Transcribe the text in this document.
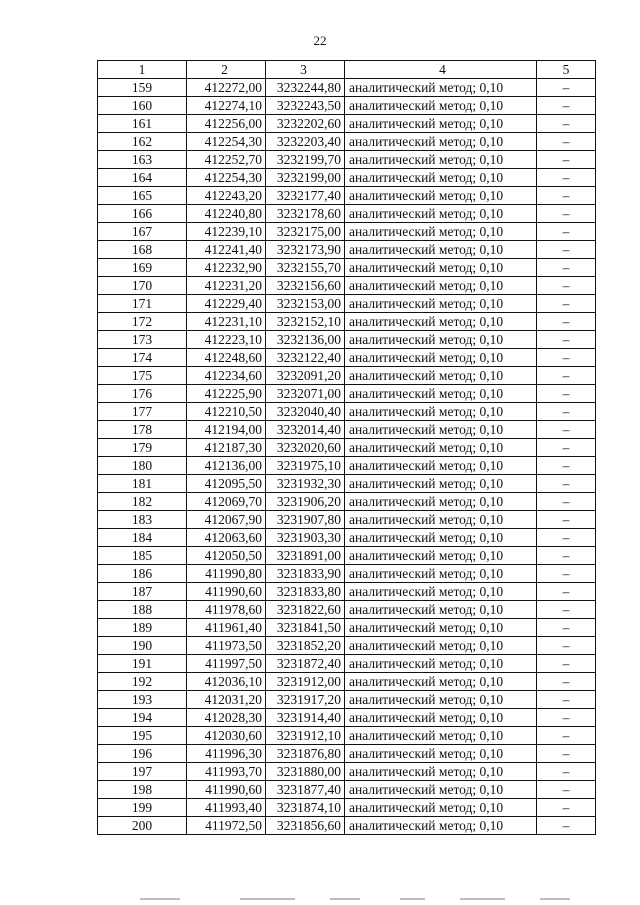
22
1	2	3	4	5
159	412272,00	3232244,80	аналитический метод; 0,10	–
160	412274,10	3232243,50	аналитический метод; 0,10	–
161	412256,00	3232202,60	аналитический метод; 0,10	–
162	412254,30	3232203,40	аналитический метод; 0,10	–
163	412252,70	3232199,70	аналитический метод; 0,10	–
164	412254,30	3232199,00	аналитический метод; 0,10	–
165	412243,20	3232177,40	аналитический метод; 0,10	–
166	412240,80	3232178,60	аналитический метод; 0,10	–
167	412239,10	3232175,00	аналитический метод; 0,10	–
168	412241,40	3232173,90	аналитический метод; 0,10	–
169	412232,90	3232155,70	аналитический метод; 0,10	–
170	412231,20	3232156,60	аналитический метод; 0,10	–
171	412229,40	3232153,00	аналитический метод; 0,10	–
172	412231,10	3232152,10	аналитический метод; 0,10	–
173	412223,10	3232136,00	аналитический метод; 0,10	–
174	412248,60	3232122,40	аналитический метод; 0,10	–
175	412234,60	3232091,20	аналитический метод; 0,10	–
176	412225,90	3232071,00	аналитический метод; 0,10	–
177	412210,50	3232040,40	аналитический метод; 0,10	–
178	412194,00	3232014,40	аналитический метод; 0,10	–
179	412187,30	3232020,60	аналитический метод; 0,10	–
180	412136,00	3231975,10	аналитический метод; 0,10	–
181	412095,50	3231932,30	аналитический метод; 0,10	–
182	412069,70	3231906,20	аналитический метод; 0,10	–
183	412067,90	3231907,80	аналитический метод; 0,10	–
184	412063,60	3231903,30	аналитический метод; 0,10	–
185	412050,50	3231891,00	аналитический метод; 0,10	–
186	411990,80	3231833,90	аналитический метод; 0,10	–
187	411990,60	3231833,80	аналитический метод; 0,10	–
188	411978,60	3231822,60	аналитический метод; 0,10	–
189	411961,40	3231841,50	аналитический метод; 0,10	–
190	411973,50	3231852,20	аналитический метод; 0,10	–
191	411997,50	3231872,40	аналитический метод; 0,10	–
192	412036,10	3231912,00	аналитический метод; 0,10	–
193	412031,20	3231917,20	аналитический метод; 0,10	–
194	412028,30	3231914,40	аналитический метод; 0,10	–
195	412030,60	3231912,10	аналитический метод; 0,10	–
196	411996,30	3231876,80	аналитический метод; 0,10	–
197	411993,70	3231880,00	аналитический метод; 0,10	–
198	411990,60	3231877,40	аналитический метод; 0,10	–
199	411993,40	3231874,10	аналитический метод; 0,10	–
200	411972,50	3231856,60	аналитический метод; 0,10	–
